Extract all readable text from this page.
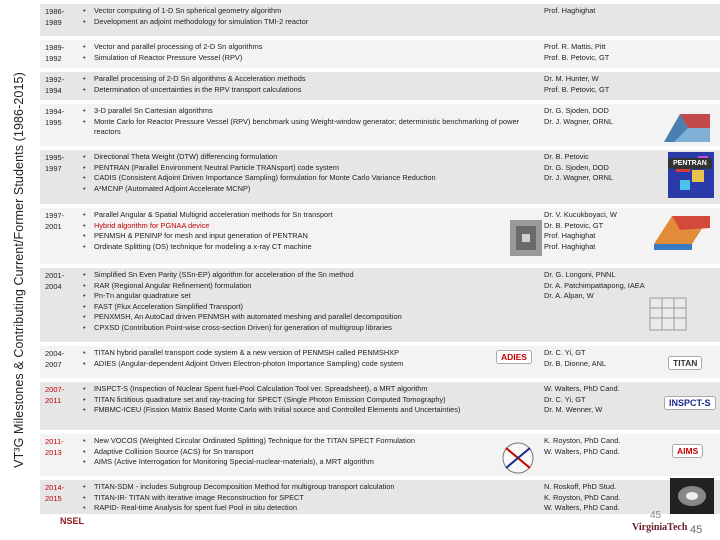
VT³G Milestones & Contributing Current/Former Students (1986-2015)
1986-
1989
• Vector computing of 1-D Sn spherical geometry algorithm
• Development an adjoint methodology for simulation TMI-2 reactor
Prof. Haghighat
1989-
1992
• Vector and parallel processing of 2-D Sn algorithms
• Simulation of Reactor Pressure Vessel (RPV)
Prof. R. Mattis, Pitt
Prof. B. Petovic, GT
1992-
1994
• Parallel processing of 2-D Sn algorithms & Acceleration methods
• Determination of uncertainties in the RPV transport calculations
Dr. M. Hunter, W
Prof. B. Petovic, GT
1994-
1995
• 3-D parallel Sn Cartesian algorithms
• Monte Carlo for Reactor Pressure Vessel (RPV) benchmark using Weight-window generator; deterministic benchmarking of power reactors
Dr. G. Sjoden, DOD
Dr. J. Wagner, ORNL
1995-
1997
• Directional Theta Weight (DTW) differencing formulation
• PENTRAN (Parallel Environment Neutral Particle TRANsport) code system
• CADIS (Consistent Adjoint Driven Importance Sampling) formulation for Monte Carlo Variance Reduction
• A³MCNP (Automated Adjoint Accelerate MCNP)
Dr. B. Petovic
Dr. G. Sjoden, DOD
Dr. J. Wagner, ORNL
1997-
2001
• Parallel Angular & Spatial Multigrid acceleration methods for Sn transport
• Hybrid algorithm for PGNAA device
• PENMSH & PENINP for mesh and input generation of PENTRAN
• Ordinate Splitting (OS) technique for modeling a x-ray CT machine
Dr. V. Kucukboyaci, W
Dr. B. Petovic, GT
Prof. Haghighat
Prof. Haghighat
2001-
2004
• Simplified Sn Even Parity (SSn-EP) algorithm for acceleration of the Sn method
• RAR (Regional Angular Refinement) formulation
• Pn-Tn angular quadrature set
• FAST (Flux Acceleration Simplified Transport)
• PENXMSH, An AutoCad driven PENMSH with automated meshing and parallel decomposition
• CPXSD (Contribution Point-wise cross-section Driven) for generation of multigroup libraries
Dr. G. Longoni, PNNL
Dr. A. Patchimpattapong, IAEA
Dr. A. Alpan, W
2004-
2007
• TITAN hybrid parallel transport code system & a new version of PENMSH called PENMSHXP
• ADIES (Angular-dependent Adjoint Driven Electron-photon Importance Sampling) code system
Dr. C. Yi, GT
Dr. B. Dionne, ANL
2007-
2011
• INSPCT-S (Inspection of Nuclear Spent fuel-Pool Calculation Tool ver. Spreadsheet), a MRT algorithm
• TITAN fictitious quadrature set and ray-tracing for SPECT (Single Photon Emission Computed Tomography)
• FMBMC-ICEU (Fission Matrix Based Monte Carlo with Initial source and Controlled Elements and Uncertainties)
W. Walters, PhD Cand.
Dr. C. Yi, GT
Dr. M. Wenner, W
2011-
2013
• New VOCOS (Weighted Circular Ordinated Splitting) Technique for the TITAN SPECT Formulation
• Adaptive Collision Source (ACS) for Sn transport
• AIMS (Active Interrogation for Monitoring Special-nuclear-materials), a MRT algorithm
K. Royston, PhD Cand.
W. Walters, PhD Cand.
2014-
2015
• TITAN-SDM - includes Subgroup Decomposition Method for multigroup transport calculation
• TITAN-IR- TITAN with iterative image Reconstruction for SPECT
• RAPID- Real-time Analysis for spent fuel Pool in situ detection
N. Roskoff, PhD Stud.
K. Royston, PhD Cand.
W. Walters, PhD Cand.
PENTRAN
ADIES
TITAN
INSPCT-S
AIMS
NSEL	45
VirginiaTech 45
